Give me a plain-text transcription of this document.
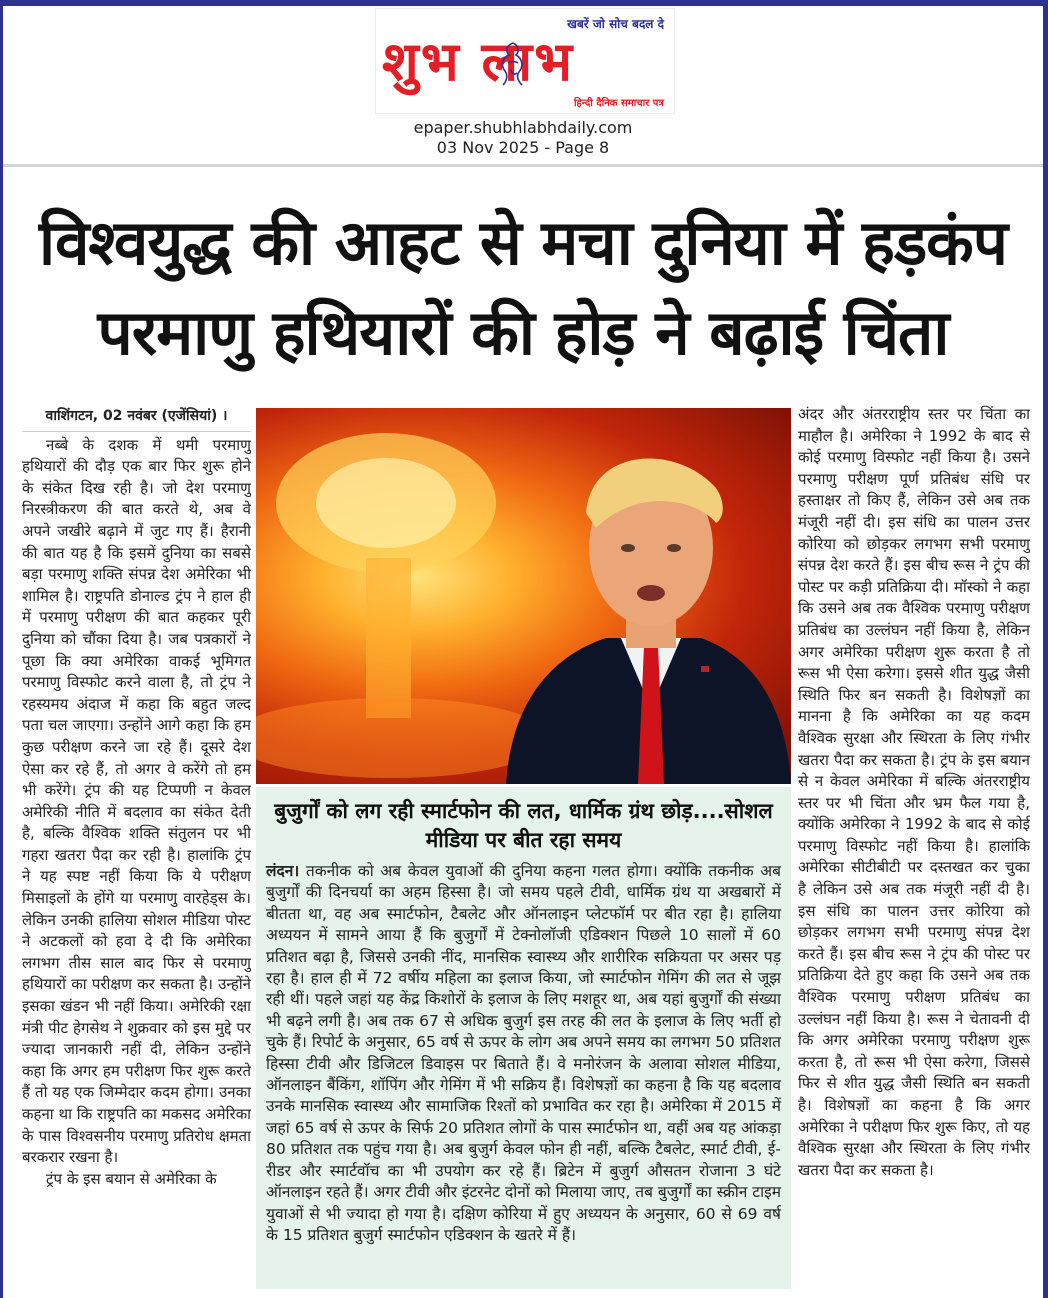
खबरें जो सोच बदल दे
शुभ लाभ
हिन्दी दैनिक समाचार पत्र
epaper.shubhlabhdaily.com
03 Nov 2025 - Page 8
विश्वयुद्ध की आहट से मचा दुनिया में हड़कंप
परमाणु हथियारों की होड़ ने बढ़ाई चिंता
वाशिंगटन, 02 नवंबर (एजेंसियां) ।

नब्बे के दशक में थमी परमाणु हथियारों की दौड़ एक बार फिर शुरू होने के संकेत दिख रही है। जो देश परमाणु निरस्त्रीकरण की बात करते थे, अब वे अपने जखीरे बढ़ाने में जुट गए हैं। हैरानी की बात यह है कि इसमें दुनिया का सबसे बड़ा परमाणु शक्ति संपन्न देश अमेरिका भी शामिल है। राष्ट्रपति डोनाल्ड ट्रंप ने हाल ही में परमाणु परीक्षण की बात कहकर पूरी दुनिया को चौंका दिया है। जब पत्रकारों ने पूछा कि क्या अमेरिका वाकई भूमिगत परमाणु विस्फोट करने वाला है, तो ट्रंप ने रहस्यमय अंदाज में कहा कि बहुत जल्द पता चल जाएगा। उन्होंने आगे कहा कि हम कुछ परीक्षण करने जा रहे हैं। दूसरे देश ऐसा कर रहे हैं, तो अगर वे करेंगे तो हम भी करेंगे। ट्रंप की यह टिप्पणी न केवल अमेरिकी नीति में बदलाव का संकेत देती है, बल्कि वैश्विक शक्ति संतुलन पर भी गहरा खतरा पैदा कर रही है। हालांकि ट्रंप ने यह स्पष्ट नहीं किया कि ये परीक्षण मिसाइलों के होंगे या परमाणु वारहेड्स के। लेकिन उनकी हालिया सोशल मीडिया पोस्ट ने अटकलों को हवा दे दी कि अमेरिका लगभग तीस साल बाद फिर से परमाणु हथियारों का परीक्षण कर सकता है। उन्होंने इसका खंडन भी नहीं किया। अमेरिकी रक्षा मंत्री पीट हेगसेथ ने शुक्रवार को इस मुद्दे पर ज्यादा जानकारी नहीं दी, लेकिन उन्होंने कहा कि अगर हम परीक्षण फिर शुरू करते हैं तो यह एक जिम्मेदार कदम होगा। उनका कहना था कि राष्ट्रपति का मकसद अमेरिका के पास विश्वसनीय परमाणु प्रतिरोध क्षमता बरकरार रखना है।

ट्रंप के इस बयान से अमेरिका के

बुजुर्गों को लग रही स्मार्टफोन की लत, धार्मिक ग्रंथ छोड़....सोशल मीडिया पर बीत रहा समय
लंदन। तकनीक को अब केवल युवाओं की दुनिया कहना गलत होगा। क्योंकि तकनीक अब बुजुर्गों की दिनचर्या का अहम हिस्सा है। जो समय पहले टीवी, धार्मिक ग्रंथ या अखबारों में बीतता था, वह अब स्मार्टफोन, टैबलेट और ऑनलाइन प्लेटफॉर्म पर बीत रहा है। हालिया अध्ययन में सामने आया हैं कि बुजुर्गों में टेक्नोलॉजी एडिक्शन पिछले 10 सालों में 60 प्रतिशत बढ़ा है, जिससे उनकी नींद, मानसिक स्वास्थ्य और शारीरिक सक्रियता पर असर पड़ रहा है। हाल ही में 72 वर्षीय महिला का इलाज किया, जो स्मार्टफोन गेमिंग की लत से जूझ रही थीं। पहले जहां यह केंद्र किशोरों के इलाज के लिए मशहूर था, अब यहां बुजुर्गों की संख्या भी बढ़ने लगी है। अब तक 67 से अधिक बुजुर्ग इस तरह की लत के इलाज के लिए भर्ती हो चुके हैं। रिपोर्ट के अनुसार, 65 वर्ष से ऊपर के लोग अब अपने समय का लगभग 50 प्रतिशत हिस्सा टीवी और डिजिटल डिवाइस पर बिताते हैं। वे मनोरंजन के अलावा सोशल मीडिया, ऑनलाइन बैंकिंग, शॉपिंग और गेमिंग में भी सक्रिय हैं। विशेषज्ञों का कहना है कि यह बदलाव उनके मानसिक स्वास्थ्य और सामाजिक रिश्तों को प्रभावित कर रहा है। अमेरिका में 2015 में जहां 65 वर्ष से ऊपर के सिर्फ 20 प्रतिशत लोगों के पास स्मार्टफोन था, वहीं अब यह आंकड़ा 80 प्रतिशत तक पहुंच गया है। अब बुजुर्ग केवल फोन ही नहीं, बल्कि टैबलेट, स्मार्ट टीवी, ई-रीडर और स्मार्टवॉच का भी उपयोग कर रहे हैं। ब्रिटेन में बुजुर्ग औसतन रोजाना 3 घंटे ऑनलाइन रहते हैं। अगर टीवी और इंटरनेट दोनों को मिलाया जाए, तब बुजुर्गों का स्क्रीन टाइम युवाओं से भी ज्यादा हो गया है। दक्षिण कोरिया में हुए अध्ययन के अनुसार, 60 से 69 वर्ष के 15 प्रतिशत बुजुर्ग स्मार्टफोन एडिक्शन के खतरे में हैं।

अंदर और अंतरराष्ट्रीय स्तर पर चिंता का माहौल है। अमेरिका ने 1992 के बाद से कोई परमाणु विस्फोट नहीं किया है। उसने परमाणु परीक्षण पूर्ण प्रतिबंध संधि पर हस्ताक्षर तो किए हैं, लेकिन उसे अब तक मंजूरी नहीं दी। इस संधि का पालन उत्तर कोरिया को छोड़कर लगभग सभी परमाणु संपन्न देश करते हैं। इस बीच रूस ने ट्रंप की पोस्ट पर कड़ी प्रतिक्रिया दी। मॉस्को ने कहा कि उसने अब तक वैश्विक परमाणु परीक्षण प्रतिबंध का उल्लंघन नहीं किया है, लेकिन अगर अमेरिका परीक्षण शुरू करता है तो रूस भी ऐसा करेगा। इससे शीत युद्ध जैसी स्थिति फिर बन सकती है। विशेषज्ञों का मानना है कि अमेरिका का यह कदम वैश्विक सुरक्षा और स्थिरता के लिए गंभीर खतरा पैदा कर सकता है। ट्रंप के इस बयान से न केवल अमेरिका में बल्कि अंतरराष्ट्रीय स्तर पर भी चिंता और भ्रम फैल गया है, क्योंकि अमेरिका ने 1992 के बाद से कोई परमाणु विस्फोट नहीं किया है। हालांकि अमेरिका सीटीबीटी पर दस्तखत कर चुका है लेकिन उसे अब तक मंजूरी नहीं दी है। इस संधि का पालन उत्तर कोरिया को छोड़कर लगभग सभी परमाणु संपन्न देश करते हैं। इस बीच रूस ने ट्रंप की पोस्ट पर प्रतिक्रिया देते हुए कहा कि उसने अब तक वैश्विक परमाणु परीक्षण प्रतिबंध का उल्लंघन नहीं किया है। रूस ने चेतावनी दी कि अगर अमेरिका परमाणु परीक्षण शुरू करता है, तो रूस भी ऐसा करेगा, जिससे फिर से शीत युद्ध जैसी स्थिति बन सकती है। विशेषज्ञों का कहना है कि अगर अमेरिका ने परीक्षण फिर शुरू किए, तो यह वैश्विक सुरक्षा और स्थिरता के लिए गंभीर खतरा पैदा कर सकता है।
